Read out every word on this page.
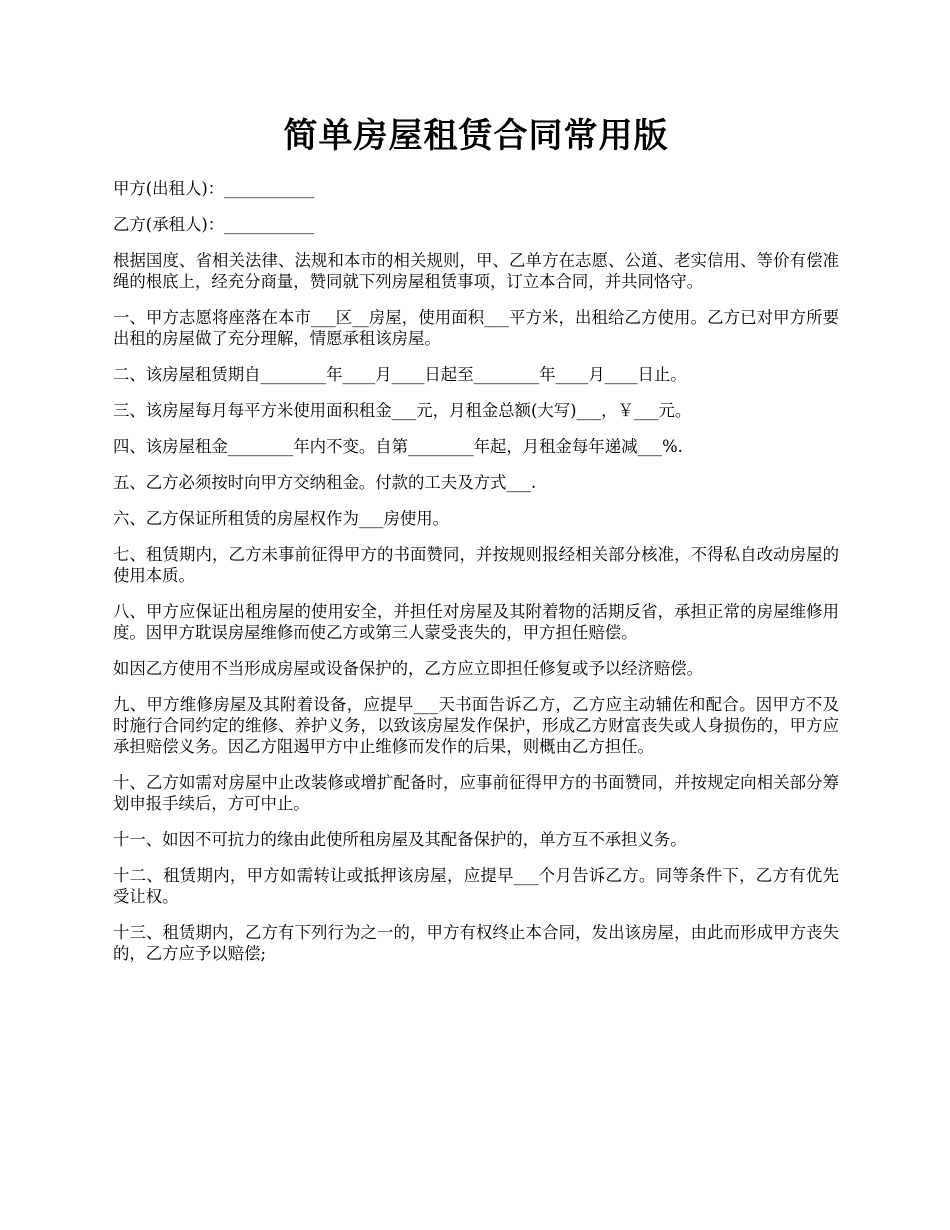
简单房屋租赁合同常用版

甲方(出租人)：___________

乙方(承租人)：___________

根据国度、省相关法律、法规和本市的相关规则，甲、乙单方在志愿、公道、老实信用、等价有偿准绳的根底上，经充分商量，赞同就下列房屋租赁事项，订立本合同，并共同恪守。

一、甲方志愿将座落在本市___区__房屋，使用面积___平方米，出租给乙方使用。乙方已对甲方所要出租的房屋做了充分理解，情愿承租该房屋。

二、该房屋租赁期自________年____月____日起至________年____月____日止。

三、该房屋每月每平方米使用面积租金___元，月租金总额(大写)___，￥___元。

四、该房屋租金________年内不变。自第________年起，月租金每年递减___%.

五、乙方必须按时向甲方交纳租金。付款的工夫及方式___.

六、乙方保证所租赁的房屋权作为___房使用。

七、租赁期内，乙方未事前征得甲方的书面赞同，并按规则报经相关部分核准，不得私自改动房屋的使用本质。

八、甲方应保证出租房屋的使用安全，并担任对房屋及其附着物的活期反省，承担正常的房屋维修用度。因甲方耽误房屋维修而使乙方或第三人蒙受丧失的，甲方担任赔偿。

如因乙方使用不当形成房屋或设备保护的，乙方应立即担任修复或予以经济赔偿。

九、甲方维修房屋及其附着设备，应提早___天书面告诉乙方，乙方应主动辅佐和配合。因甲方不及时施行合同约定的维修、养护义务，以致该房屋发作保护，形成乙方财富丧失或人身损伤的，甲方应承担赔偿义务。因乙方阻遏甲方中止维修而发作的后果，则概由乙方担任。

十、乙方如需对房屋中止改装修或增扩配备时，应事前征得甲方的书面赞同，并按规定向相关部分筹划申报手续后，方可中止。

十一、如因不可抗力的缘由此使所租房屋及其配备保护的，单方互不承担义务。

十二、租赁期内，甲方如需转让或抵押该房屋，应提早___个月告诉乙方。同等条件下，乙方有优先受让权。

十三、租赁期内，乙方有下列行为之一的，甲方有权终止本合同，发出该房屋，由此而形成甲方丧失的，乙方应予以赔偿;
